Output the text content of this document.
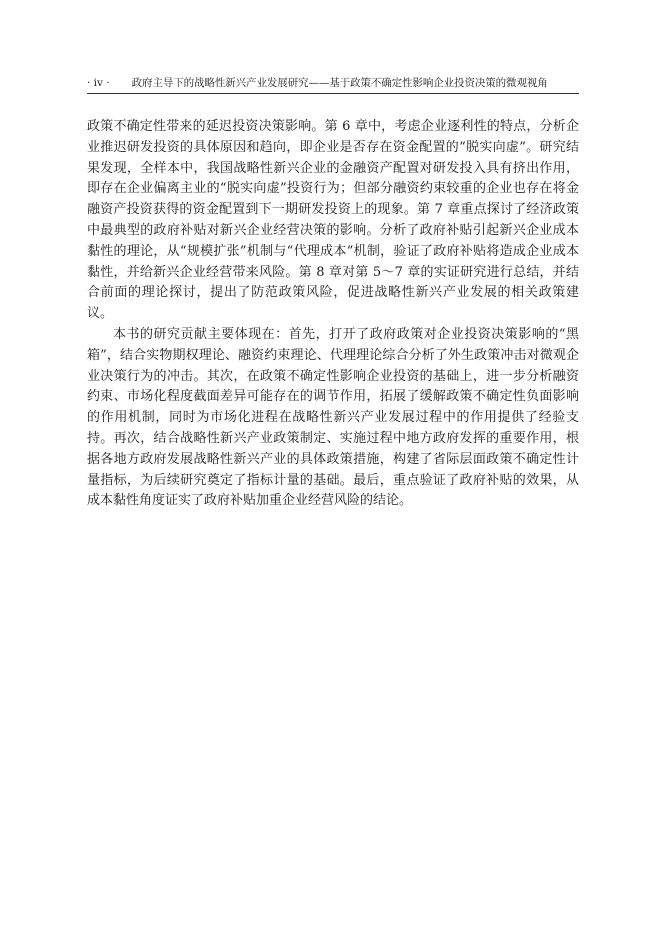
· iv · 政府主导下的战略性新兴产业发展研究——基于政策不确定性影响企业投资决策的微观视角

政策不确定性带来的延迟投资决策影响。第 6 章中，考虑企业逐利性的特点，分析企业推迟研发投资的具体原因和趋向，即企业是否存在资金配置的“脱实向虚”。研究结果发现，全样本中，我国战略性新兴企业的金融资产配置对研发投入具有挤出作用，即存在企业偏离主业的“脱实向虚”投资行为；但部分融资约束较重的企业也存在将金融资产投资获得的资金配置到下一期研发投资上的现象。第 7 章重点探讨了经济政策中最典型的政府补贴对新兴企业经营决策的影响。分析了政府补贴引起新兴企业成本黏性的理论，从“规模扩张”机制与“代理成本”机制，验证了政府补贴将造成企业成本黏性，并给新兴企业经营带来风险。第 8 章对第 5～7 章的实证研究进行总结，并结合前面的理论探讨，提出了防范政策风险，促进战略性新兴产业发展的相关政策建议。

本书的研究贡献主要体现在：首先，打开了政府政策对企业投资决策影响的“黑箱”，结合实物期权理论、融资约束理论、代理理论综合分析了外生政策冲击对微观企业决策行为的冲击。其次，在政策不确定性影响企业投资的基础上，进一步分析融资约束、市场化程度截面差异可能存在的调节作用，拓展了缓解政策不确定性负面影响的作用机制，同时为市场化进程在战略性新兴产业发展过程中的作用提供了经验支持。再次，结合战略性新兴产业政策制定、实施过程中地方政府发挥的重要作用，根据各地方政府发展战略性新兴产业的具体政策措施，构建了省际层面政策不确定性计量指标，为后续研究奠定了指标计量的基础。最后，重点验证了政府补贴的效果，从成本黏性角度证实了政府补贴加重企业经营风险的结论。
